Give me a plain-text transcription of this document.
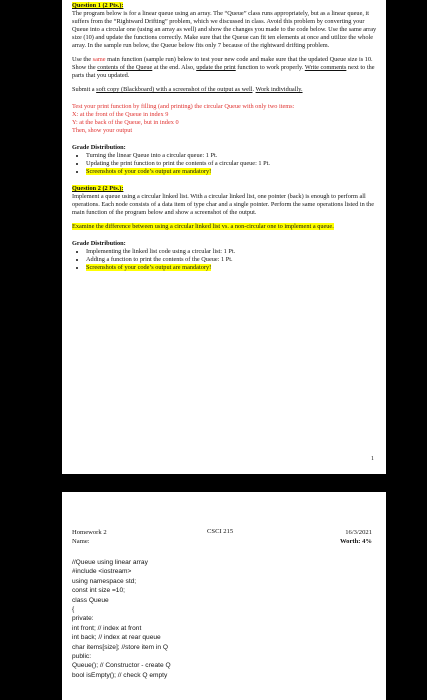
Question 1 (2 Pts.):

The program below is for a linear queue using an array. The “Queue” class runs appropriately, but as a linear queue, it suffers from the “Rightward Drifting” problem, which we discussed in class. Avoid this problem by converting your Queue into a circular one (using an array as well) and show the changes you made to the code below. Use the same array size (10) and update the functions correctly. Make sure that the Queue can fit ten elements at once and utilize the whole array. In the sample run below, the Queue below fits only 7 because of the rightward drifting problem.

Use the same main function (sample run) below to test your new code and make sure that the updated Queue size is 10. Show the contents of the Queue at the end. Also, update the print function to work properly. Write comments next to the parts that you updated.

Submit a soft copy (Blackboard) with a screenshot of the output as well. Work individually.

Test your print function by filling (and printing) the circular Queue with only two items:

X: at the front of the Queue in index 9

Y: at the back of the Queue, but in index 0

Then, show your output

Grade Distribution:

• Turning the linear Queue into a circular queue: 1 Pt.
• Updating the print function to print the contents of a circular queue: 1 Pt.
• Screenshots of your code’s output are mandatory!

Question 2 (2 Pts.):

Implement a queue using a circular linked list. With a circular linked list, one pointer (back) is enough to perform all operations. Each node consists of a data item of type char and a single pointer. Perform the same operations listed in the main function of the program below and show a screenshot of the output.

Examine the difference between using a circular linked list vs. a non-circular one to implement a queue.

Grade Distribution:

• Implementing the linked list code using a circular list: 1 Pt.
• Adding a function to print the contents of the Queue: 1 Pt.
• Screenshots of your code’s output are mandatory!
1
Homework 2
Name:
CSCI 215	16/3/2021
Worth: 4%
//Queue using linear array
#include <iostream>
using namespace std;
const int size =10;
class Queue
{
private:
int front; // index at front
int back; // index at rear queue
char items[size]; //store item in Q
public:
Queue(); // Constructor - create Q
bool isEmpty(); // check Q empty
